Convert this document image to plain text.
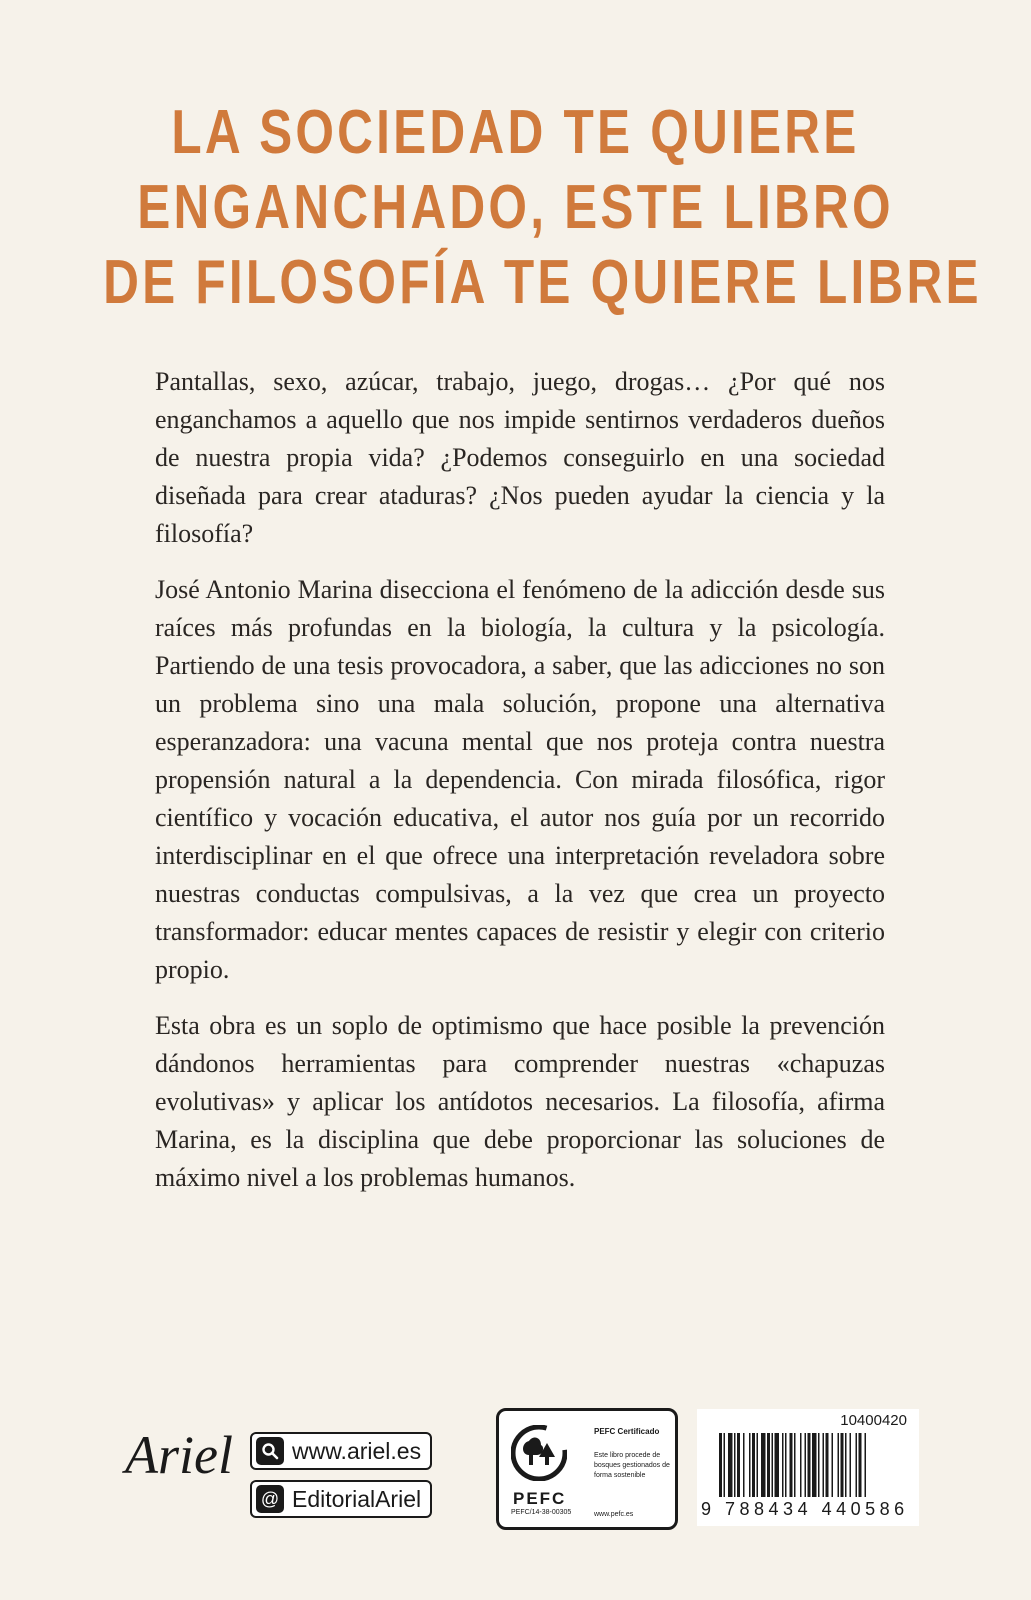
LA SOCIEDAD TE QUIERE
ENGANCHADO, ESTE LIBRO
DE FILOSOFÍA TE QUIERE LIBRE

Pantallas, sexo, azúcar, trabajo, juego, drogas… ¿Por qué nos enganchamos a aquello que nos impide sentirnos verdaderos dueños de nuestra propia vida? ¿Podemos conseguirlo en una sociedad diseñada para crear ataduras? ¿Nos pueden ayudar la ciencia y la filosofía?

José Antonio Marina disecciona el fenómeno de la adicción desde sus raíces más profundas en la biología, la cultura y la psicología. Partiendo de una tesis provocadora, a saber, que las adicciones no son un problema sino una mala solución, propone una alternativa esperanzadora: una vacuna mental que nos proteja contra nuestra propensión natural a la dependencia. Con mirada filosófica, rigor científico y vocación educativa, el autor nos guía por un recorrido interdisciplinar en el que ofrece una interpretación reveladora sobre nuestras conductas compulsivas, a la vez que crea un proyecto transformador: educar mentes capaces de resistir y elegir con criterio propio.

Esta obra es un soplo de optimismo que hace posible la prevención dándonos herramientas para comprender nuestras «chapuzas evolutivas» y aplicar los antídotos necesarios. La filosofía, afirma Marina, es la disciplina que debe proporcionar las soluciones de máximo nivel a los problemas humanos.

Ariel	www.ariel.es
@ EditorialAriel	PEFC
PEFC/14-38-00305
PEFC Certificado
Este libro procede de bosques gestionados de forma sostenible
www.pefc.es
10400420
9 788434 440586
